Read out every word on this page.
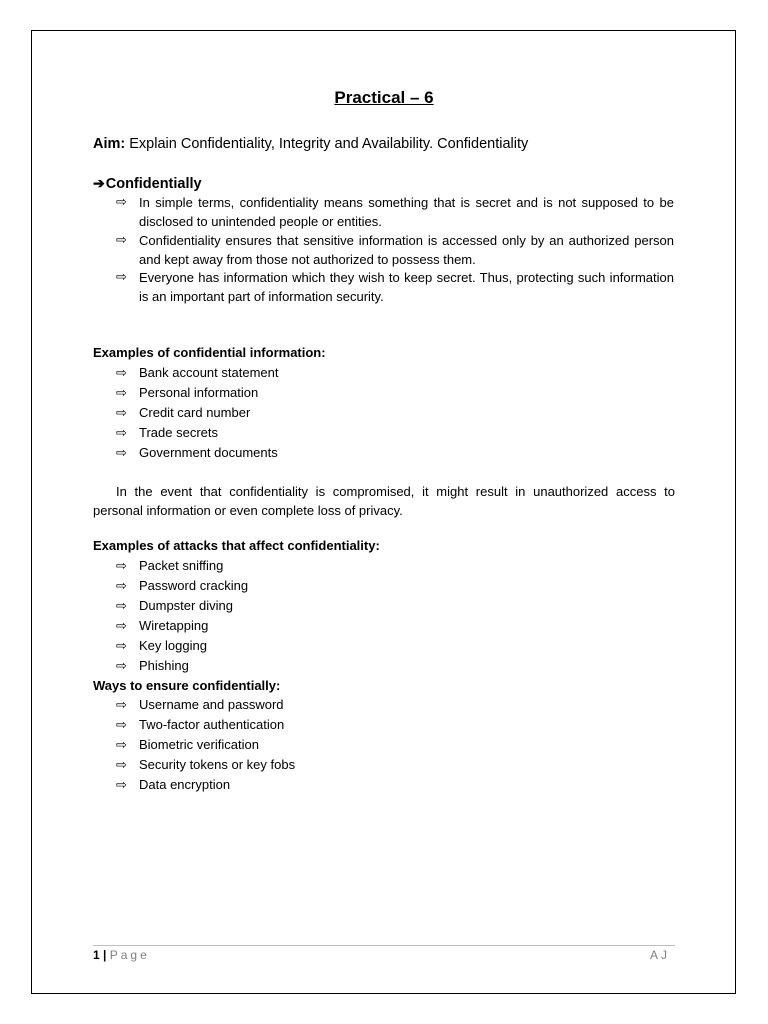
Practical – 6
Aim: Explain Confidentiality, Integrity and Availability. Confidentiality
➔Confidentially
⇨ In simple terms, confidentiality means something that is secret and is not supposed to be disclosed to unintended people or entities.
⇨ Confidentiality ensures that sensitive information is accessed only by an authorized person and kept away from those not authorized to possess them.
⇨ Everyone has information which they wish to keep secret. Thus, protecting such information is an important part of information security.
Examples of confidential information:
⇨ Bank account statement
⇨ Personal information
⇨ Credit card number
⇨ Trade secrets
⇨ Government documents
In the event that confidentiality is compromised, it might result in unauthorized access to personal information or even complete loss of privacy.
Examples of attacks that affect confidentiality:
⇨ Packet sniffing
⇨ Password cracking
⇨ Dumpster diving
⇨ Wiretapping
⇨ Key logging
⇨ Phishing
Ways to ensure confidentially:
⇨ Username and password
⇨ Two-factor authentication
⇨ Biometric verification
⇨ Security tokens or key fobs
⇨ Data encryption
1 | Page	AJ
